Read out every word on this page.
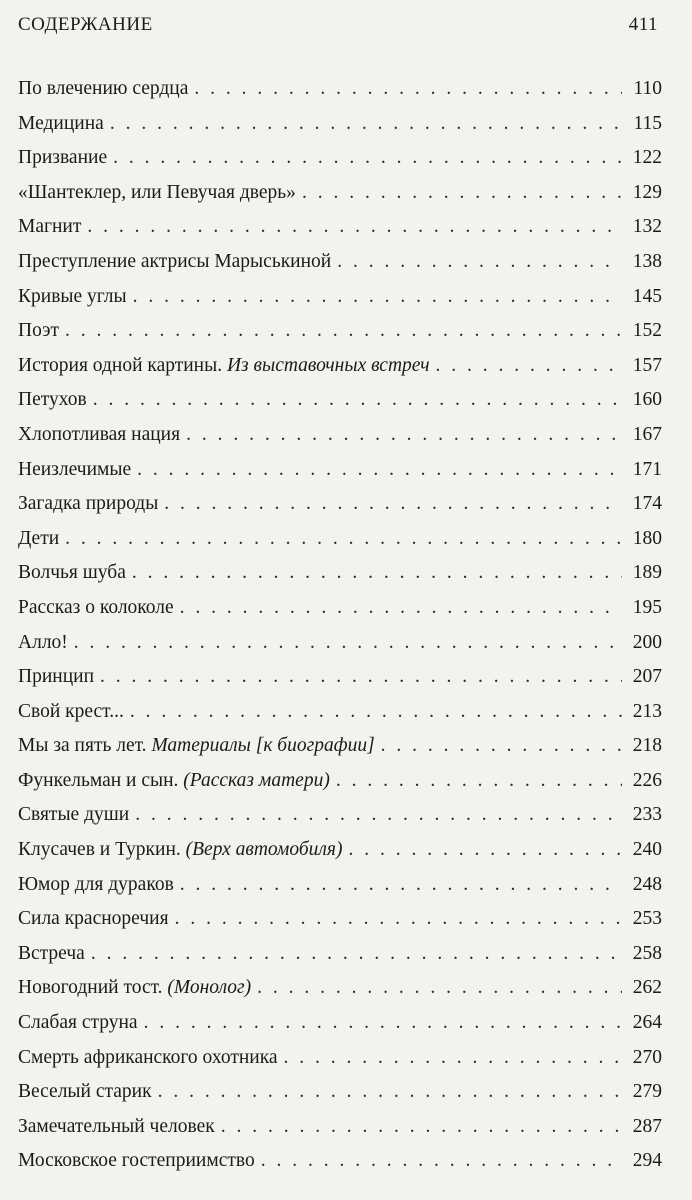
СОДЕРЖАНИЕ	411
По влечению сердца . . .	110
Медицина . . .	115
Призвание . . .	122
«Шантеклер, или Певучая дверь» . . .	129
Магнит . . .	132
Преступление актрисы Марыськиной . . .	138
Кривые углы . . .	145
Поэт . . .	152
История одной картины. Из выставочных встреч . . .	157
Петухов . . .	160
Хлопотливая нация . . .	167
Неизлечимые . . .	171
Загадка природы . . .	174
Дети . . .	180
Волчья шуба . . .	189
Рассказ о колоколе . . .	195
Алло! . . .	200
Принцип . . .	207
Свой крест... . . .	213
Мы за пять лет. Материалы [к биографии] . . .	218
Функельман и сын. (Рассказ матери) . . .	226
Святые души . . .	233
Клусачев и Туркин. (Верх автомобиля) . . .	240
Юмор для дураков . . .	248
Сила красноречия . . .	253
Встреча . . .	258
Новогодний тост. (Монолог) . . .	262
Слабая струна . . .	264
Смерть африканского охотника . . .	270
Веселый старик . . .	279
Замечательный человек . . .	287
Московское гостеприимство . . .	294
